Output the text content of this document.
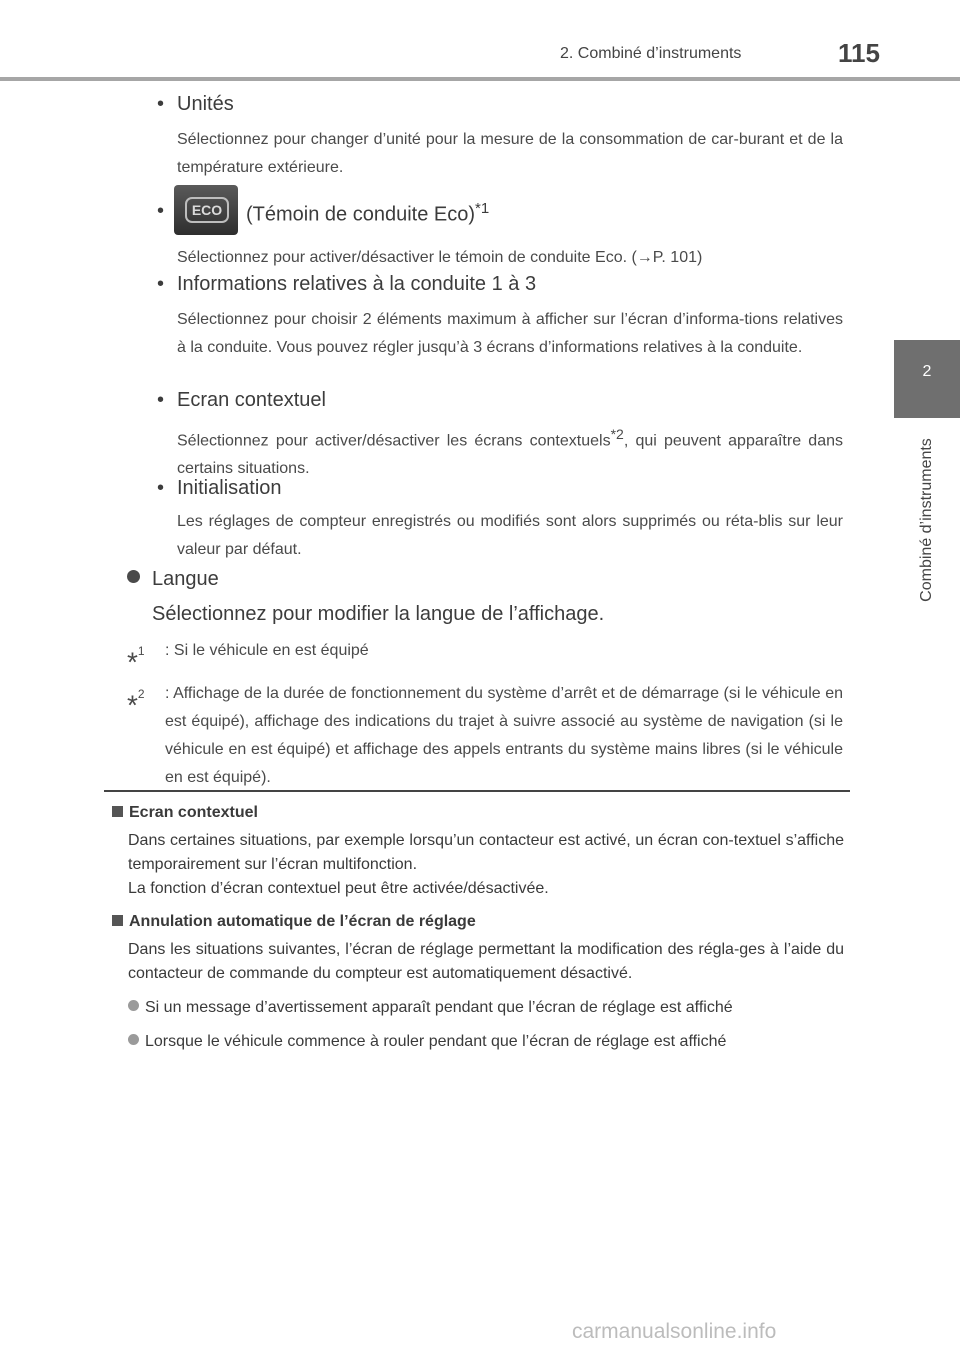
2. Combiné d’instruments	115
2
Combiné d’instruments
• Unités
Sélectionnez pour changer d’unité pour la mesure de la consommation de car-burant et de la température extérieure.
•	ECO	(Témoin de conduite Eco)$^{*1}$
Sélectionnez pour activer/désactiver le témoin de conduite Eco. (→P. 101)
• Informations relatives à la conduite 1 à 3
Sélectionnez pour choisir 2 éléments maximum à afficher sur l’écran d’informa-tions relatives à la conduite. Vous pouvez régler jusqu’à 3 écrans d’informations relatives à la conduite.
• Ecran contextuel
Sélectionnez pour activer/désactiver les écrans contextuels$^{*2}$, qui peuvent apparaître dans certains situations.
• Initialisation
Les réglages de compteur enregistrés ou modifiés sont alors supprimés ou réta-blis sur leur valeur par défaut.
Langue
Sélectionnez pour modifier la langue de l’affichage.
*$^1$	: Si le véhicule en est équipé
*$^2$	: Affichage de la durée de fonctionnement du système d’arrêt et de démarrage (si le véhicule en est équipé), affichage des indications du trajet à suivre associé au système de navigation (si le véhicule en est équipé) et affichage des appels entrants du système mains libres (si le véhicule en est équipé).
Ecran contextuel
Dans certaines situations, par exemple lorsqu’un contacteur est activé, un écran con-textuel s’affiche temporairement sur l’écran multifonction.
La fonction d’écran contextuel peut être activée/désactivée.
Annulation automatique de l’écran de réglage
Dans les situations suivantes, l’écran de réglage permettant la modification des régla-ges à l’aide du contacteur de commande du compteur est automatiquement désactivé.
Si un message d’avertissement apparaît pendant que l’écran de réglage est affiché
Lorsque le véhicule commence à rouler pendant que l’écran de réglage est affiché
carmanualsonline.info
